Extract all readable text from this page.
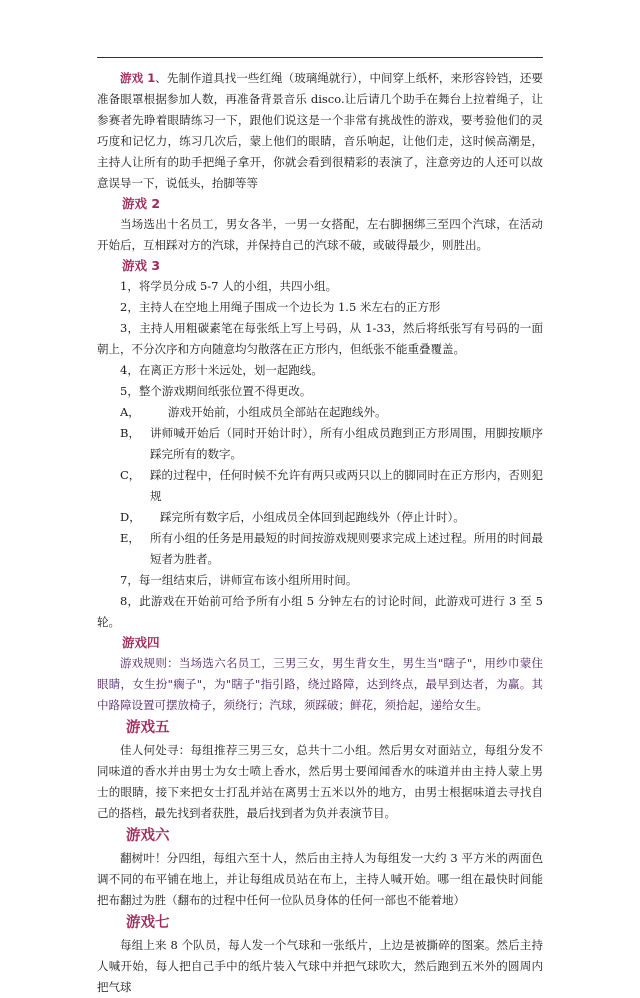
游戏 1、先制作道具找一些红绳（玻璃绳就行），中间穿上纸杯，来形容铃铛，还要准备眼罩根据参加人数，再准备背景音乐 disco.让后请几个助手在舞台上拉着绳子，让参赛者先睁着眼睛练习一下，跟他们说这是一个非常有挑战性的游戏，要考验他们的灵巧度和记忆力，练习几次后，蒙上他们的眼睛，音乐响起，让他们走，这时候高潮是，主持人让所有的助手把绳子拿开，你就会看到很精彩的表演了，注意旁边的人还可以故意误导一下，说低头，抬脚等等

游戏 2

当场选出十名员工，男女各半，一男一女搭配，左右脚捆绑三至四个汽球，在活动开始后，互相踩对方的汽球，并保持自己的汽球不破，或破得最少，则胜出。

游戏 3

1，将学员分成 5-7 人的小组，共四小组。

2，主持人在空地上用绳子围成一个边长为 1.5 米左右的正方形

3，主持人用粗碳素笔在每张纸上写上号码，从 1-33，然后将纸张写有号码的一面朝上，不分次序和方向随意均匀散落在正方形内，但纸张不能重叠覆盖。

4，在离正方形十米远处，划一起跑线。

5，整个游戏期间纸张位置不得更改。

A，	游戏开始前，小组成员全部站在起跑线外。
B， 讲师喊开始后（同时开始计时），所有小组成员跑到正方形周围，用脚按顺序踩完所有的数字。
C， 踩的过程中，任何时候不允许有两只或两只以上的脚同时在正方形内，否则犯规
D，	踩完所有数字后，小组成员全体回到起跑线外（停止计时）。
E， 所有小组的任务是用最短的时间按游戏规则要求完成上述过程。所用的时间最短者为胜者。

7，每一组结束后，讲师宣布该小组所用时间。

8，此游戏在开始前可给予所有小组 5 分钟左右的讨论时间，此游戏可进行 3 至 5 轮。

游戏四

游戏规则：当场选六名员工，三男三女，男生背女生，男生当"瞎子"，用纱巾蒙住眼睛，女生扮"瘸子"，为"瞎子"指引路，绕过路障，达到终点，最早到达者，为赢。其中路障设置可摆放椅子，须绕行；汽球，须踩破；鲜花，须拾起，递给女生。

游戏五

佳人何处寻：每组推荐三男三女，总共十二小组。然后男女对面站立，每组分发不同味道的香水并由男士为女士喷上香水，然后男士要闻闻香水的味道并由主持人蒙上男士的眼睛，接下来把女士打乱并站在离男士五米以外的地方，由男士根据味道去寻找自己的搭档，最先找到者获胜，最后找到者为负并表演节目。

游戏六

翻树叶！分四组，每组六至十人，然后由主持人为每组发一大约 3 平方米的两面色调不同的布平铺在地上，并让每组成员站在布上，主持人喊开始。哪一组在最快时间能把布翻过为胜（翻布的过程中任何一位队员身体的任何一部也不能着地）

游戏七

每组上来 8 个队员，每人发一个气球和一张纸片，上边是被撕碎的图案。然后主持人喊开始，每人把自己手中的纸片装入气球中并把气球吹大，然后跑到五米外的圆周内把气球
